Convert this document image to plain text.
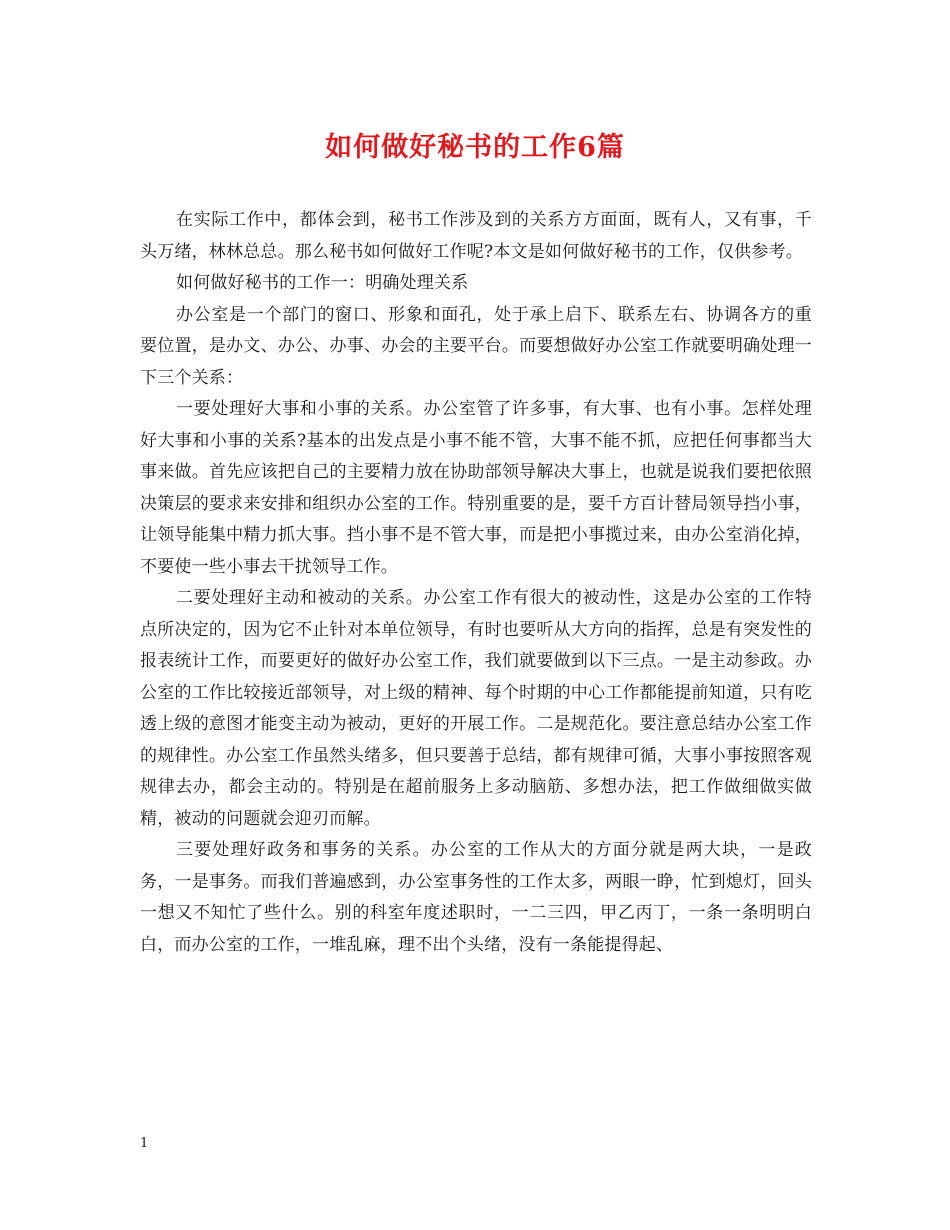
如何做好秘书的工作6篇

在实际工作中，都体会到，秘书工作涉及到的关系方方面面，既有人，又有事，千头万绪，林林总总。那么秘书如何做好工作呢?本文是如何做好秘书的工作，仅供参考。

如何做好秘书的工作一：明确处理关系

办公室是一个部门的窗口、形象和面孔，处于承上启下、联系左右、协调各方的重要位置，是办文、办公、办事、办会的主要平台。而要想做好办公室工作就要明确处理一下三个关系：

一要处理好大事和小事的关系。办公室管了许多事，有大事、也有小事。怎样处理好大事和小事的关系?基本的出发点是小事不能不管，大事不能不抓，应把任何事都当大事来做。首先应该把自己的主要精力放在协助部领导解决大事上，也就是说我们要把依照决策层的要求来安排和组织办公室的工作。特别重要的是，要千方百计替局领导挡小事，让领导能集中精力抓大事。挡小事不是不管大事，而是把小事揽过来，由办公室消化掉，不要使一些小事去干扰领导工作。

二要处理好主动和被动的关系。办公室工作有很大的被动性，这是办公室的工作特点所决定的，因为它不止针对本单位领导，有时也要听从大方向的指挥，总是有突发性的报表统计工作，而要更好的做好办公室工作，我们就要做到以下三点。一是主动参政。办公室的工作比较接近部领导，对上级的精神、每个时期的中心工作都能提前知道，只有吃透上级的意图才能变主动为被动，更好的开展工作。二是规范化。要注意总结办公室工作的规律性。办公室工作虽然头绪多，但只要善于总结，都有规律可循，大事小事按照客观规律去办，都会主动的。特别是在超前服务上多动脑筋、多想办法，把工作做细做实做精，被动的问题就会迎刃而解。

三要处理好政务和事务的关系。办公室的工作从大的方面分就是两大块，一是政务，一是事务。而我们普遍感到，办公室事务性的工作太多，两眼一睁，忙到熄灯，回头一想又不知忙了些什么。别的科室年度述职时，一二三四，甲乙丙丁，一条一条明明白白，而办公室的工作，一堆乱麻，理不出个头绪，没有一条能提得起、

1
